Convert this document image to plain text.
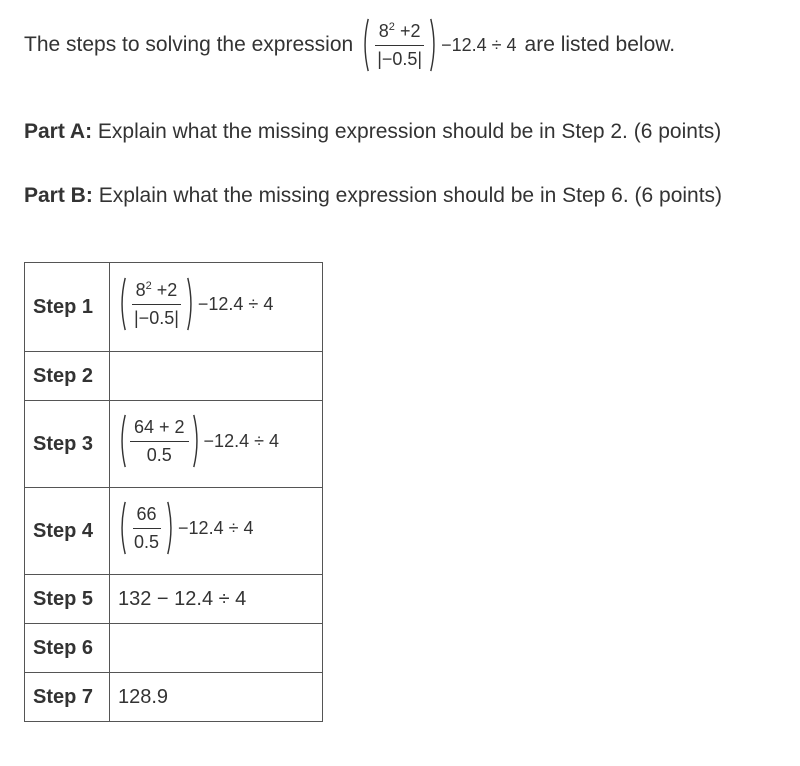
The steps to solving the expression $\frac{8^2 +2}{|-0.5|} -12.4 \div 4$ are listed below.
Part A: Explain what the missing expression should be in Step 2. (6 points)
Part B: Explain what the missing expression should be in Step 6. (6 points)
Step 1	$\frac{8^2 +2}{|-0.5|} -12.4 \div 4$

Step 2	
Step 3	$\frac{64 + 2}{0.5} -12.4 \div 4$

Step 4	$\frac{66}{0.5} -12.4 \div 4$

Step 5	132 − 12.4 ÷ 4
Step 6	
Step 7	128.9
